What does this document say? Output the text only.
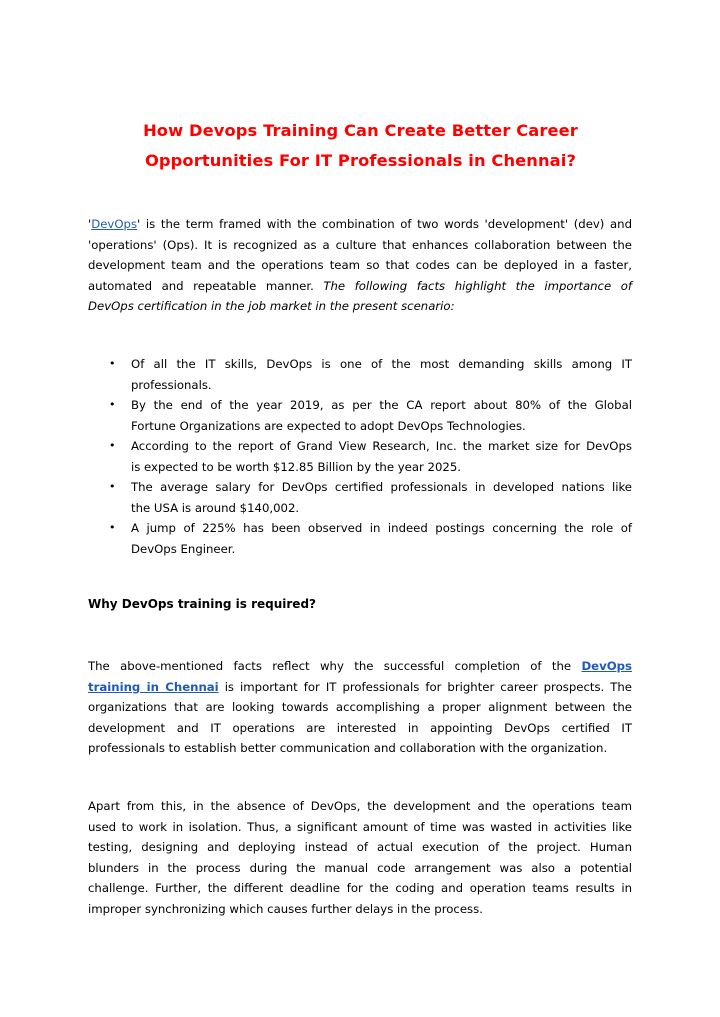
How Devops Training Can Create Better Career
Opportunities For IT Professionals in Chennai?
'DevOps' is the term framed with the combination of two words 'development' (dev) and
'operations' (Ops). It is recognized as a culture that enhances collaboration between the
development team and the operations team so that codes can be deployed in a faster,
automated and repeatable manner. The following facts highlight the importance of
DevOps certification in the job market in the present scenario:
• Of all the IT skills, DevOps is one of the most demanding skills among IT
professionals.
• By the end of the year 2019, as per the CA report about 80% of the Global
Fortune Organizations are expected to adopt DevOps Technologies.
• According to the report of Grand View Research, Inc. the market size for DevOps
is expected to be worth $12.85 Billion by the year 2025.
• The average salary for DevOps certified professionals in developed nations like
the USA is around $140,002.
• A jump of 225% has been observed in indeed postings concerning the role of
DevOps Engineer.
Why DevOps training is required?
The above-mentioned facts reflect why the successful completion of the DevOps
training in Chennai is important for IT professionals for brighter career prospects. The
organizations that are looking towards accomplishing a proper alignment between the
development and IT operations are interested in appointing DevOps certified IT
professionals to establish better communication and collaboration with the organization.
Apart from this, in the absence of DevOps, the development and the operations team
used to work in isolation. Thus, a significant amount of time was wasted in activities like
testing, designing and deploying instead of actual execution of the project. Human
blunders in the process during the manual code arrangement was also a potential
challenge. Further, the different deadline for the coding and operation teams results in
improper synchronizing which causes further delays in the process.
